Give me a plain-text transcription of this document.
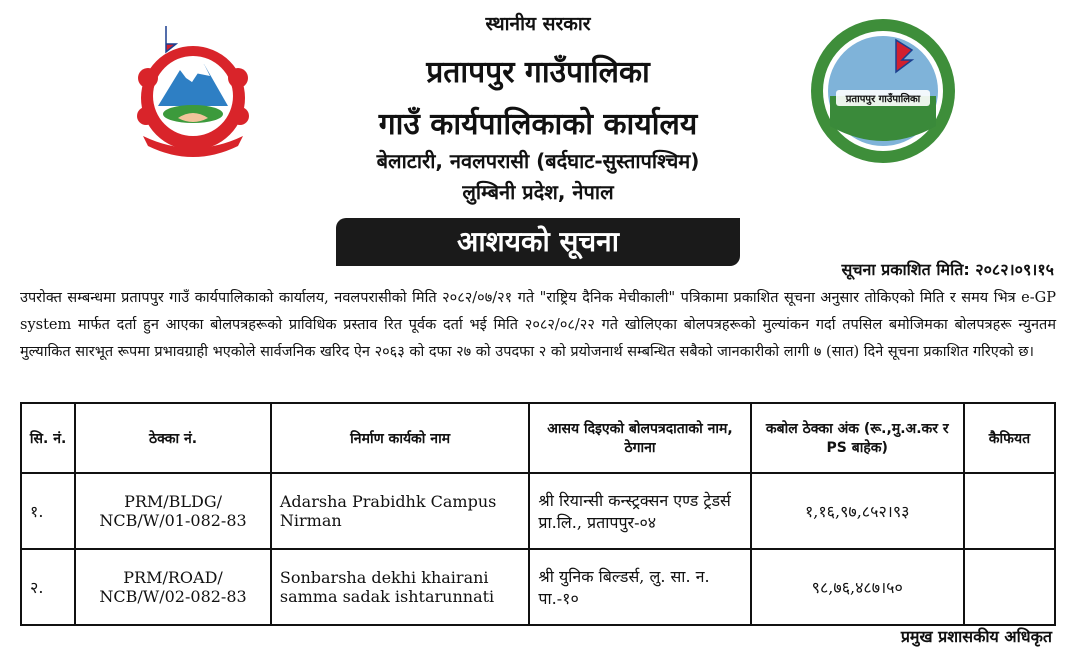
प्रतापपुर गाउँपालिका
स्थानीय सरकार
प्रतापपुर गाउँपालिका
गाउँ कार्यपालिकाको कार्यालय
बेलाटारी, नवलपरासी (बर्दघाट-सुस्तापश्चिम)
लुम्बिनी प्रदेश, नेपाल
आशयको सूचना
सूचना प्रकाशित मिति: २०८२।०९।१५
उपरोक्त सम्बन्धमा प्रतापपुर गाउँ कार्यपालिकाको कार्यालय, नवलपरासीको मिति २०८२/०७/२१ गते "राष्ट्रिय दैनिक मेचीकाली" पत्रिकामा प्रकाशित सूचना अनुसार तोकिएको मिति र समय भित्र e-GP system मार्फत दर्ता हुन आएका बोलपत्रहरूको प्राविधिक प्रस्ताव रित पूर्वक दर्ता भई मिति २०८२/०८/२२ गते खोलिएका बोलपत्रहरूको मुल्यांकन गर्दा तपसिल बमोजिमका बोलपत्रहरू न्युनतम मुल्याकित सारभूत रूपमा प्रभावग्राही भएकोले सार्वजनिक खरिद ऐन २०६३ को दफा २७ को उपदफा २ को प्रयोजनार्थ सम्बन्धित सबैको जानकारीको लागी ७ (सात) दिने सूचना प्रकाशित गरिएको छ।
सि. नं.	ठेक्का नं.	निर्माण कार्यको नाम	आसय दिइएको बोलपत्रदाताको नाम, ठेगाना	कबोल ठेक्का अंक (रू.,मु.अ.कर र PS बाहेक)	कैफियत
१.	PRM/BLDG/ NCB/W/01-082-83	Adarsha Prabidhk Campus Nirman	श्री रियान्सी कन्स्ट्रक्सन एण्ड ट्रेडर्स प्रा.लि., प्रतापपुर-०४	१,१६,९७,८५२।९३	
२.	PRM/ROAD/ NCB/W/02-082-83	Sonbarsha dekhi khairani samma sadak ishtarunnati	श्री युनिक बिल्डर्स, लु. सा. न. पा.-१०	९८,७६,४८७।५०	
प्रमुख प्रशासकीय अधिकृत
